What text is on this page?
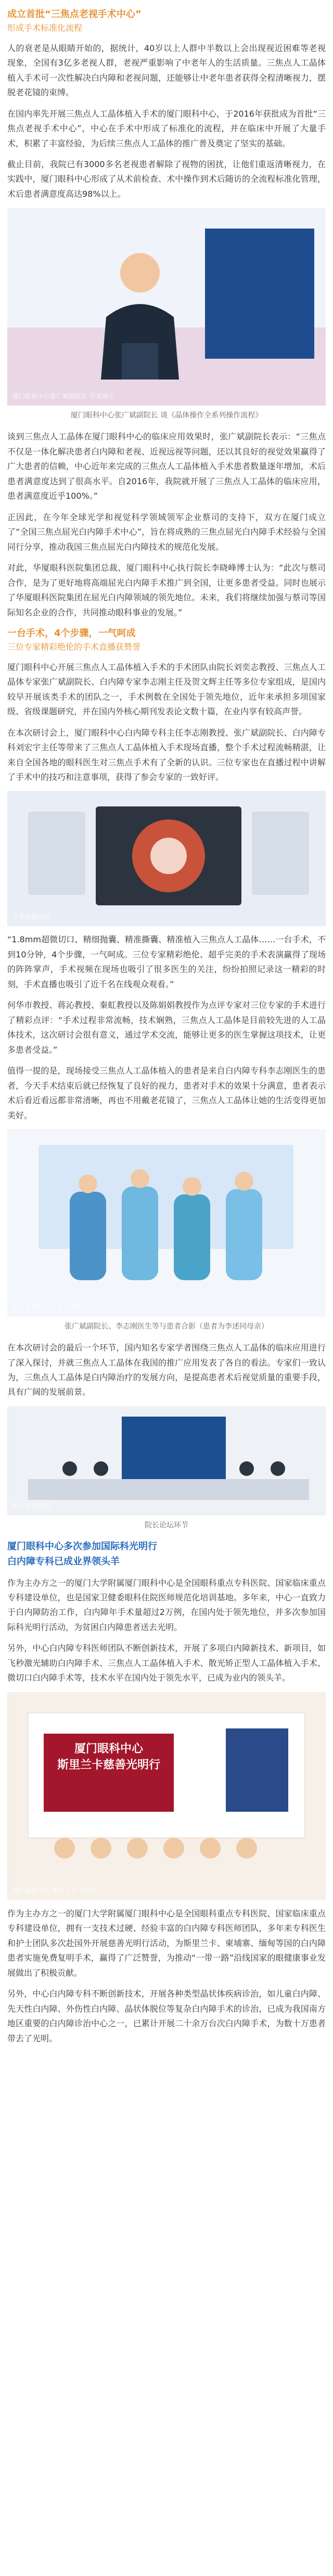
成立首批“三焦点老视手术中心”
形成手术标准化流程

人的衰老是从眼睛开始的，据统计，40岁以上人群中半数以上会出现视近困难等老视现象，全国有3亿多老视人群，老视严重影响了中老年人的生活质量。三焦点人工晶体植入手术可一次性解决白内障和老视问题，还能够让中老年患者获得全程清晰视力，摆脱老花镜的束缚。

在国内率先开展三焦点人工晶体植入手术的厦门眼科中心，于2016年获批成为首批“三焦点老视手术中心”，中心在手术中形成了标准化的流程，并在临床中开展了大量手术，积累了丰富经验，为后续三焦点人工晶体的推广普及奠定了坚实的基础。

截止目前，我院已有3000多名老视患者解除了视物的困扰，让他们重返清晰视力，在实践中，厦门眼科中心形成了从术前检查、术中操作到术后随访的全流程标准化管理，术后患者满意度高达98%以上。

厦门眼科中心张广斌副院长 手术演示
厦门眼科中心张广斌副院长 谈《晶体操作全系列操作流程》

谈到三焦点人工晶体在厦门眼科中心的临床应用效果时，张广斌副院长表示：“三焦点不仅是一体化解决患者白内障和老视、近视远视等问题，还以其良好的视觉效果赢得了广大患者的信赖，中心近年来完成的三焦点人工晶体植入手术患者数量逐年增加，术后患者满意度达到了很高水平。自2016年，我院就开展了三焦点人工晶体的临床应用，患者满意度近乎100%。”

正因此，在今年全球光学和视觉科学领域领军企业蔡司的支持下，双方在厦门成立了“全国三焦点屈光白内障手术中心”，旨在将成熟的三焦点屈光白内障手术经验与全国同行分享，推动我国三焦点屈光白内障技术的规范化发展。

对此，华厦眼科医院集团总裁、厦门眼科中心执行院长李晓峰博士认为：“此次与蔡司合作，是为了更好地将高端屈光白内障手术推广到全国，让更多患者受益。同时也展示了华厦眼科医院集团在屈光白内障领域的领先地位。未来，我们将继续加强与蔡司等国际知名企业的合作，共同推动眼科事业的发展。”

一台手术，4个步骤，一气呵成
三位专家精彩绝伦的手术直播获赞誉

厦门眼科中心开展三焦点人工晶体植入手术的手术团队由院长刘奕志教授、三焦点人工晶体专家张广斌副院长、白内障专家李志刚主任及贺文辉主任等多位专家组成，是国内较早开展该类手术的团队之一，手术例数在全国处于领先地位，近年来承担多项国家级、省级课题研究，并在国内外核心期刊发表论文数十篇，在业内享有较高声誉。

在本次研讨会上，厦门眼科中心白内障专科主任李志刚教授、张广斌副院长、白内障专科刘宏宇主任等带来了三焦点人工晶体植入手术现场直播，整个手术过程流畅精湛，让来自全国各地的眼科医生对三焦点手术有了全新的认识。三位专家也在直播过程中讲解了手术中的技巧和注意事项，获得了参会专家的一致好评。

手术直播画面

“1.8mm超微切口、精细抛囊、精准撕囊、精准植入三焦点人工晶体……一台手术，不到10分钟，4个步骤，一气呵成。三位专家精彩绝伦、超乎完美的手术表演赢得了现场的阵阵掌声，手术视频在现场也吸引了很多医生的关注，纷纷拍照记录这一精彩的时刻，手术直播也吸引了近千名在线观众观看。”

何华市教授、蒋沁教授、秦虹教授以及陈娟娟教授作为点评专家对三位专家的手术进行了精彩点评：“手术过程非常流畅，技术娴熟，三焦点人工晶体是目前较先进的人工晶体技术，这次研讨会很有意义，通过学术交流，能够让更多的医生掌握这项技术，让更多患者受益。”

值得一提的是，现场接受三焦点人工晶体植入的患者是来自白内障专科李志刚医生的患者，今天手术结束后就已经恢复了良好的视力，患者对手术的效果十分满意，患者表示术后看近看远都非常清晰，再也不用戴老花镜了，三焦点人工晶体让她的生活变得更加美好。

张广斌副院长与患者合影
张广斌副院长、李志刚医生等与患者合影（患者为李述同母亲）

在本次研讨会的最后一个环节，国内知名专家学者围绕三焦点人工晶体的临床应用进行了深入探讨，并就三焦点人工晶体在我国的推广应用发表了各自的看法。专家们一致认为，三焦点人工晶体是白内障治疗的发展方向，是提高患者术后视觉质量的重要手段，具有广阔的发展前景。

院长论坛现场
院长论坛环节
厦门眼科中心多次参加国际科光明行
白内障专科已成业界领头羊

作为主办方之一的厦门大学附属厦门眼科中心是全国眼科重点专科医院、国家临床重点专科建设单位，也是国家卫健委眼科住院医师规范化培训基地。多年来，中心一直致力于白内障防治工作，白内障年手术量超过2万例，在国内处于领先地位，并多次参加国际科光明行活动，为贫困白内障患者送去光明。

另外，中心白内障专科医师团队不断创新技术，开展了多项白内障新技术、新项目，如飞秒激光辅助白内障手术、三焦点人工晶体植入手术、散光矫正型人工晶体植入手术、微切口白内障手术等，技术水平在国内处于领先水平，已成为业内的领头羊。

厦门眼科中心
斯里兰卡慈善光明行
厦门眼科中心 斯里兰卡 光明行

作为主办方之一的厦门大学附属厦门眼科中心是全国眼科重点专科医院、国家临床重点专科建设单位，拥有一支技术过硬、经验丰富的白内障专科医师团队，多年来专科医生和护士团队多次赴国外开展慈善光明行活动，为斯里兰卡、柬埔寨、缅甸等国的白内障患者实施免费复明手术，赢得了广泛赞誉，为推动“一带一路”沿线国家的眼健康事业发展做出了积极贡献。

另外，中心白内障专科不断创新技术，开展各种类型晶状体疾病诊治，如儿童白内障、先天性白内障、外伤性白内障、晶状体脱位等复杂白内障手术的诊治，已成为我国南方地区重要的白内障诊治中心之一，已累计开展二十余万台次白内障手术，为数十万患者带去了光明。
